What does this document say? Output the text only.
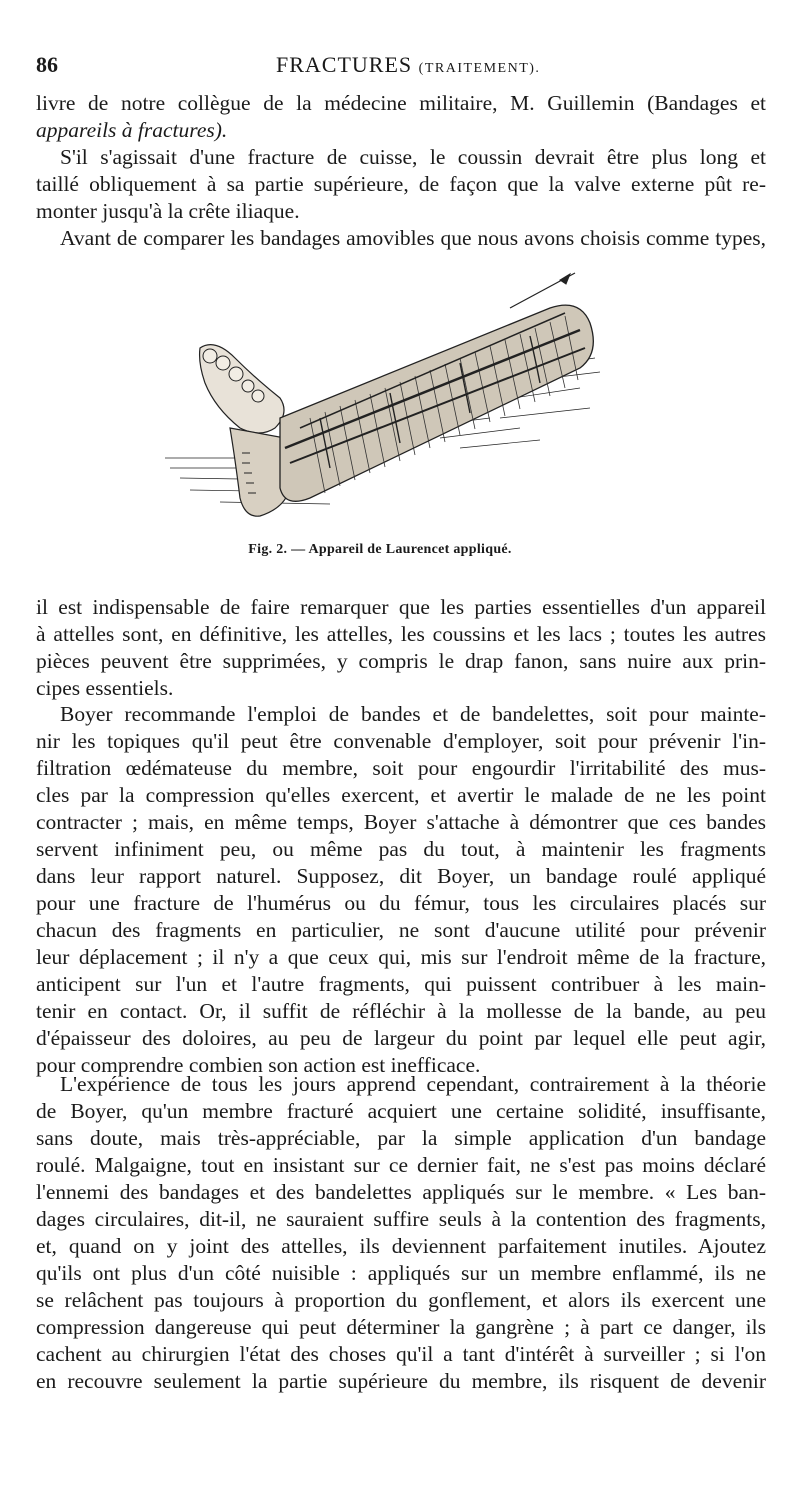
86	FRACTURES (TRAITEMENT).
livre de notre collègue de la médecine militaire, M. Guillemin (Bandages et
appareils à fractures).
S'il s'agissait d'une fracture de cuisse, le coussin devrait être plus long et
taillé obliquement à sa partie supérieure, de façon que la valve externe pût re-
monter jusqu'à la crête iliaque.
Avant de comparer les bandages amovibles que nous avons choisis comme types,
Fig. 2. — Appareil de Laurencet appliqué.
il est indispensable de faire remarquer que les parties essentielles d'un appareil
à attelles sont, en définitive, les attelles, les coussins et les lacs ; toutes les autres
pièces peuvent être supprimées, y compris le drap fanon, sans nuire aux prin-
cipes essentiels.
Boyer recommande l'emploi de bandes et de bandelettes, soit pour mainte-
nir les topiques qu'il peut être convenable d'employer, soit pour prévenir l'in-
filtration œdémateuse du membre, soit pour engourdir l'irritabilité des mus-
cles par la compression qu'elles exercent, et avertir le malade de ne les point
contracter ; mais, en même temps, Boyer s'attache à démontrer que ces bandes
servent infiniment peu, ou même pas du tout, à maintenir les fragments
dans leur rapport naturel. Supposez, dit Boyer, un bandage roulé appliqué
pour une fracture de l'humérus ou du fémur, tous les circulaires placés sur
chacun des fragments en particulier, ne sont d'aucune utilité pour prévenir
leur déplacement ; il n'y a que ceux qui, mis sur l'endroit même de la fracture,
anticipent sur l'un et l'autre fragments, qui puissent contribuer à les main-
tenir en contact. Or, il suffit de réfléchir à la mollesse de la bande, au peu
d'épaisseur des doloires, au peu de largeur du point par lequel elle peut agir,
pour comprendre combien son action est inefficace.
L'expérience de tous les jours apprend cependant, contrairement à la théorie
de Boyer, qu'un membre fracturé acquiert une certaine solidité, insuffisante,
sans doute, mais très-appréciable, par la simple application d'un bandage
roulé. Malgaigne, tout en insistant sur ce dernier fait, ne s'est pas moins déclaré
l'ennemi des bandages et des bandelettes appliqués sur le membre. « Les ban-
dages circulaires, dit-il, ne sauraient suffire seuls à la contention des fragments,
et, quand on y joint des attelles, ils deviennent parfaitement inutiles. Ajoutez
qu'ils ont plus d'un côté nuisible : appliqués sur un membre enflammé, ils ne
se relâchent pas toujours à proportion du gonflement, et alors ils exercent une
compression dangereuse qui peut déterminer la gangrène ; à part ce danger, ils
cachent au chirurgien l'état des choses qu'il a tant d'intérêt à surveiller ; si l'on
en recouvre seulement la partie supérieure du membre, ils risquent de devenir
